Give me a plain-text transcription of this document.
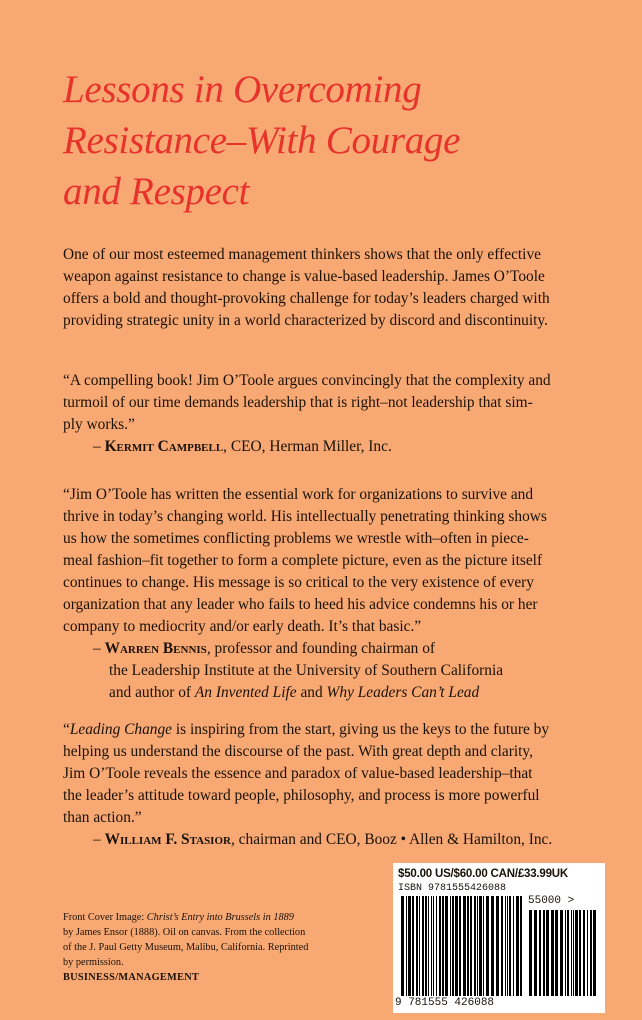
Lessons in Overcoming
Resistance–With Courage
and Respect
One of our most esteemed management thinkers shows that the only effective
weapon against resistance to change is value-based leadership. James O’Toole
offers a bold and thought-provoking challenge for today’s leaders charged with
providing strategic unity in a world characterized by discord and discontinuity.
“A compelling book! Jim O’Toole argues convincingly that the complexity and
turmoil of our time demands leadership that is right–not leadership that sim-
ply works.”
– Kermit Campbell, CEO, Herman Miller, Inc.
“Jim O’Toole has written the essential work for organizations to survive and
thrive in today’s changing world. His intellectually penetrating thinking shows
us how the sometimes conflicting problems we wrestle with–often in piece-
meal fashion–fit together to form a complete picture, even as the picture itself
continues to change. His message is so critical to the very existence of every
organization that any leader who fails to heed his advice condemns his or her
company to mediocrity and/or early death. It’s that basic.”
– Warren Bennis, professor and founding chairman of
the Leadership Institute at the University of Southern California
and author of An Invented Life and Why Leaders Can’t Lead
“Leading Change is inspiring from the start, giving us the keys to the future by
helping us understand the discourse of the past. With great depth and clarity,
Jim O’Toole reveals the essence and paradox of value-based leadership–that
the leader’s attitude toward people, philosophy, and process is more powerful
than action.”
– William F. Stasior, chairman and CEO, Booz • Allen & Hamilton, Inc.
Front Cover Image: Christ’s Entry into Brussels in 1889
by James Ensor (1888). Oil on canvas. From the collection
of the J. Paul Getty Museum, Malibu, California. Reprinted
by permission.
BUSINESS/MANAGEMENT
$50.00 US/$60.00 CAN/£33.99UK
ISBN 9781555426088
55000 >
9 781555 426088
